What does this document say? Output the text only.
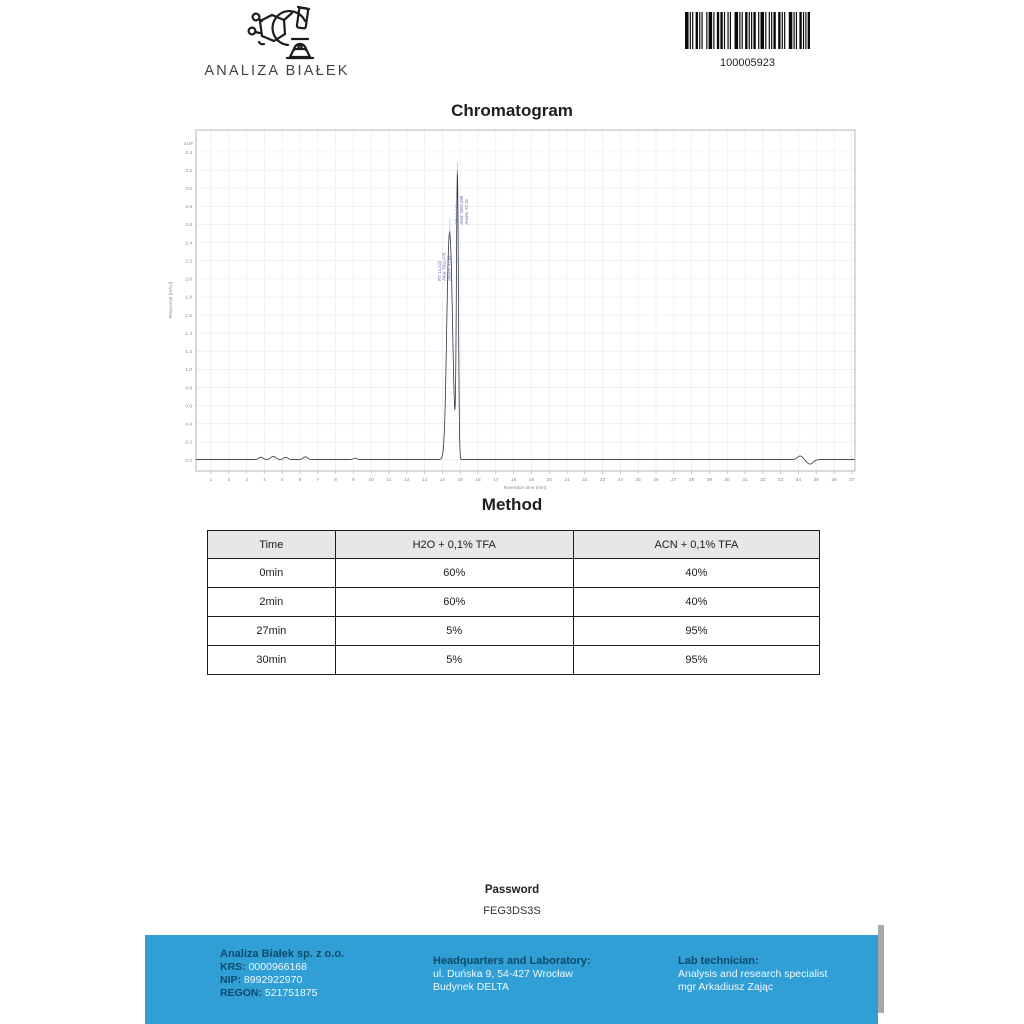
ANALIZA BIAŁEK	100005923
Chromatogram
0.0
0.2
0.4
0.6
0.8
1.0
1.2
1.4
1.6
1.8
2.0
2.2
2.4
2.6
2.8
3.0
3.2
3.4
x10²
1	2	3	4	5	6	7	8	9	10	11	12	13	14	15	16	17	18	19	20	21	22	23	24	25	26	27	28	29	30	31	32	33	34	35	36	37
Retention time [min]
Response [mAU]
RT: 14,422 Area: 3911,478 Area%: 47,86
RT: 14,843 Area: 3064,498 Area%: 52,18
Method
Time	H2O + 0,1% TFA	ACN + 0,1% TFA
0min	60%	40%
2min	60%	40%
27min	5%	95%
30min	5%	95%
Password
FEG3DS3S
Analiza Białek sp. z o.o.
KRS: 0000966168
NIP: 8992922970
REGON: 521751875
Headquarters and Laboratory:
ul. Duńska 9, 54-427 Wrocław
Budynek DELTA
Lab technician:
Analysis and research specialist
mgr Arkadiusz Zając
